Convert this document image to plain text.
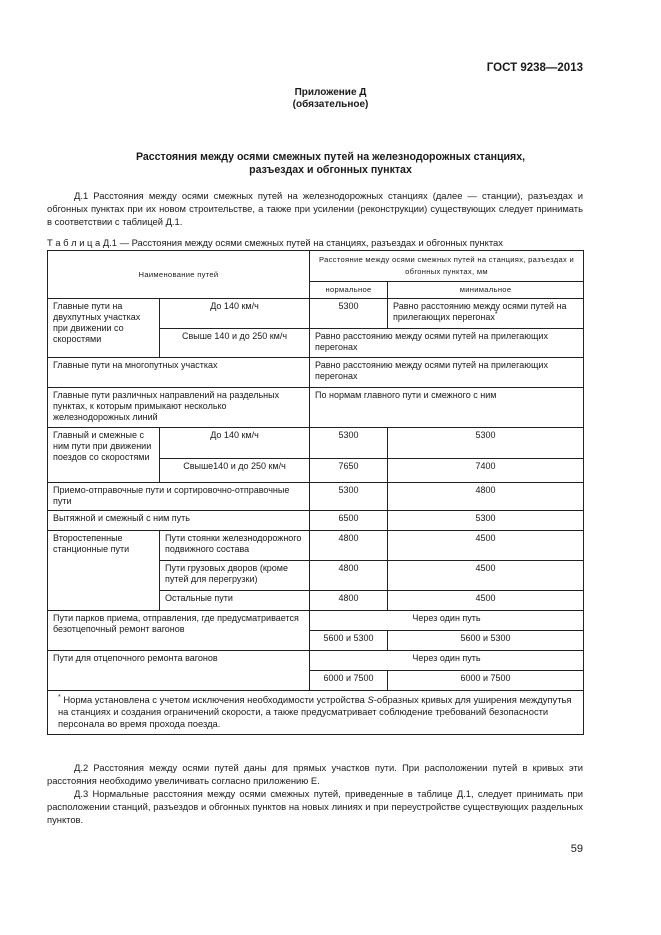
ГОСТ 9238—2013
Приложение Д
(обязательное)
Расстояния между осями смежных путей на железнодорожных станциях,
разъездах и обгонных пунктах
Д.1 Расстояния между осями смежных путей на железнодорожных станциях (далее — станции), разъездах и обгонных пунктах при их новом строительстве, а также при усилении (реконструкции) существующих следует принимать в соответствии с таблицей Д.1.
Т а б л и ц а Д.1 — Расстояния между осями смежных путей на станциях, разъездах и обгонных пунктах
Наименование путей		Расстояние между осями смежных путей на станциях, разъездах и обгонных пунктах, мм	
		нормальное	минимальное
Главные пути на двухпутных участках при движении со скоростями	До 140 км/ч	5300	Равно расстоянию между осями путей на прилегающих перегонах*
	Свыше 140 и до 250 км/ч	Равно расстоянию между осями путей на прилегающих перегонах	
Главные пути на многопутных участках		Равно расстоянию между осями путей на прилегающих перегонах	
Главные пути различных направлений на раздельных пунктах, к которым примыкают несколько железнодорожных линий		По нормам главного пути и смежного с ним	
Главный и смежные с ним пути при движении поездов со скоростями	До 140 км/ч	5300	5300
	Свыше140 и до 250 км/ч	7650	7400
Приемо-отправочные пути и сортировочно-отправочные пути		5300	4800
Вытяжной и смежный с ним путь		6500	5300
Второстепенные станционные пути	Пути стоянки железнодорожного подвижного состава	4800	4500
	Пути грузовых дворов (кроме путей для перегрузки)	4800	4500
	Остальные пути	4800	4500
Пути парков приема, отправления, где предусматривается безотцепочный ремонт вагонов		Через один путь	
		5600 и 5300	5600 и 5300
Пути для отцепочного ремонта вагонов		Через один путь	
		6000 и 7500	6000 и 7500
* Норма установлена с учетом исключения необходимости устройства S-образных кривых для уширения междупутья на станциях и создания ограничений скорости, а также предусматривает соблюдение требований безопасности персонала во время прохода поезда.			
Д.2 Расстояния между осями путей даны для прямых участков пути. При расположении путей в кривых эти расстояния необходимо увеличивать согласно приложению Е.
Д.3 Нормальные расстояния между осями смежных путей, приведенные в таблице Д.1, следует принимать при расположении станций, разъездов и обгонных пунктов на новых линиях и при переустройстве существующих раздельных пунктов.
59
